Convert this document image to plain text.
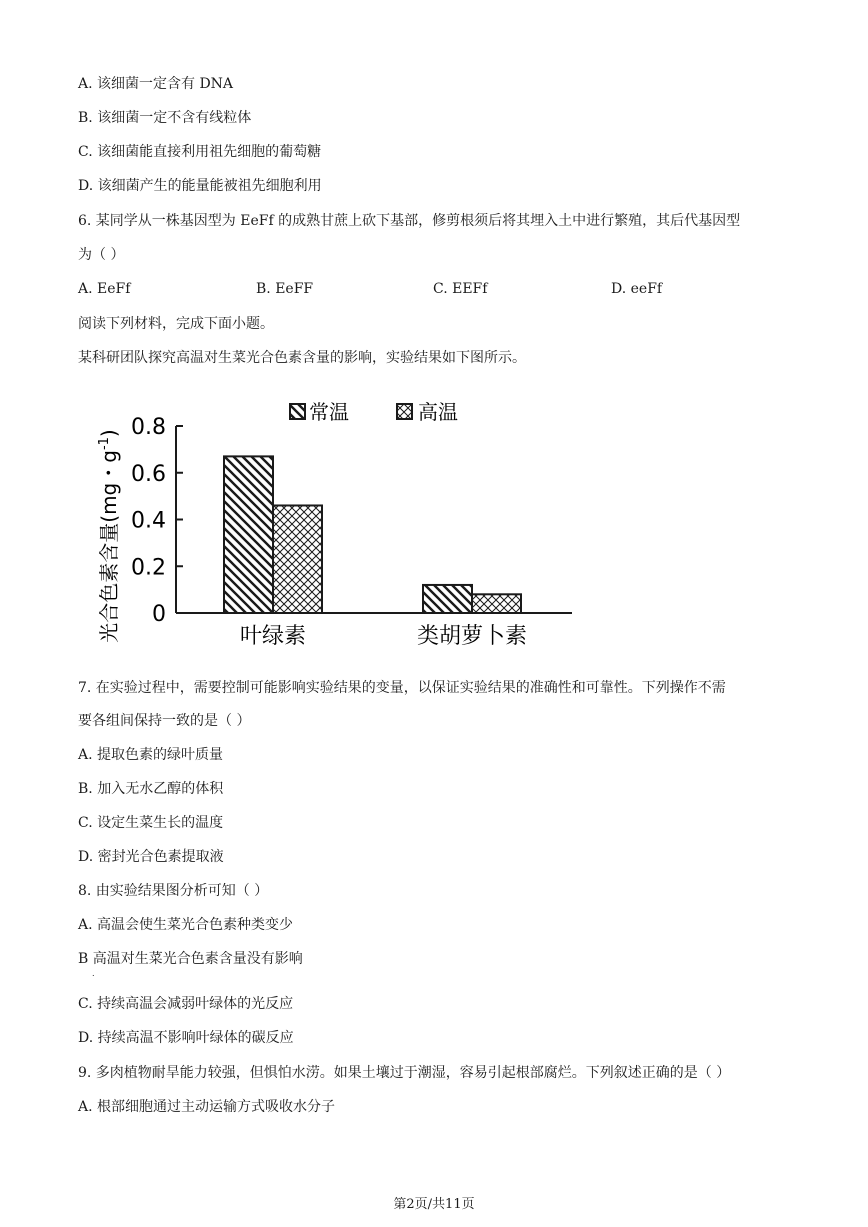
A. 该细菌一定含有 DNA
B. 该细菌一定不含有线粒体
C. 该细菌能直接利用祖先细胞的葡萄糖
D. 该细菌产生的能量能被祖先细胞利用
6. 某同学从一株基因型为 EeFf 的成熟甘蔗上砍下基部，修剪根须后将其埋入土中进行繁殖，其后代基因型
为（ ）
A. EeFf	B. EeFF	C. EEFf	D. eeFf
阅读下列材料，完成下面小题。
某科研团队探究高温对生菜光合色素含量的影响，实验结果如下图所示。
常温	高温
光合色素含量(mg・$g^{-1}$)
0
0.2
0.4
0.6
0.8
叶绿素	类胡萝卜素
7. 在实验过程中，需要控制可能影响实验结果的变量，以保证实验结果的准确性和可靠性。下列操作不需
要各组间保持一致的是（ ）
A. 提取色素的绿叶质量
B. 加入无水乙醇的体积
C. 设定生菜生长的温度
D. 密封光合色素提取液
8. 由实验结果图分析可知（ ）
A. 高温会使生菜光合色素种类变少
B 高温对生菜光合色素含量没有影响
.
C. 持续高温会减弱叶绿体的光反应
D. 持续高温不影响叶绿体的碳反应
9. 多肉植物耐旱能力较强，但惧怕水涝。如果土壤过于潮湿，容易引起根部腐烂。下列叙述正确的是（ ）
A. 根部细胞通过主动运输方式吸收水分子
第2页/共11页
